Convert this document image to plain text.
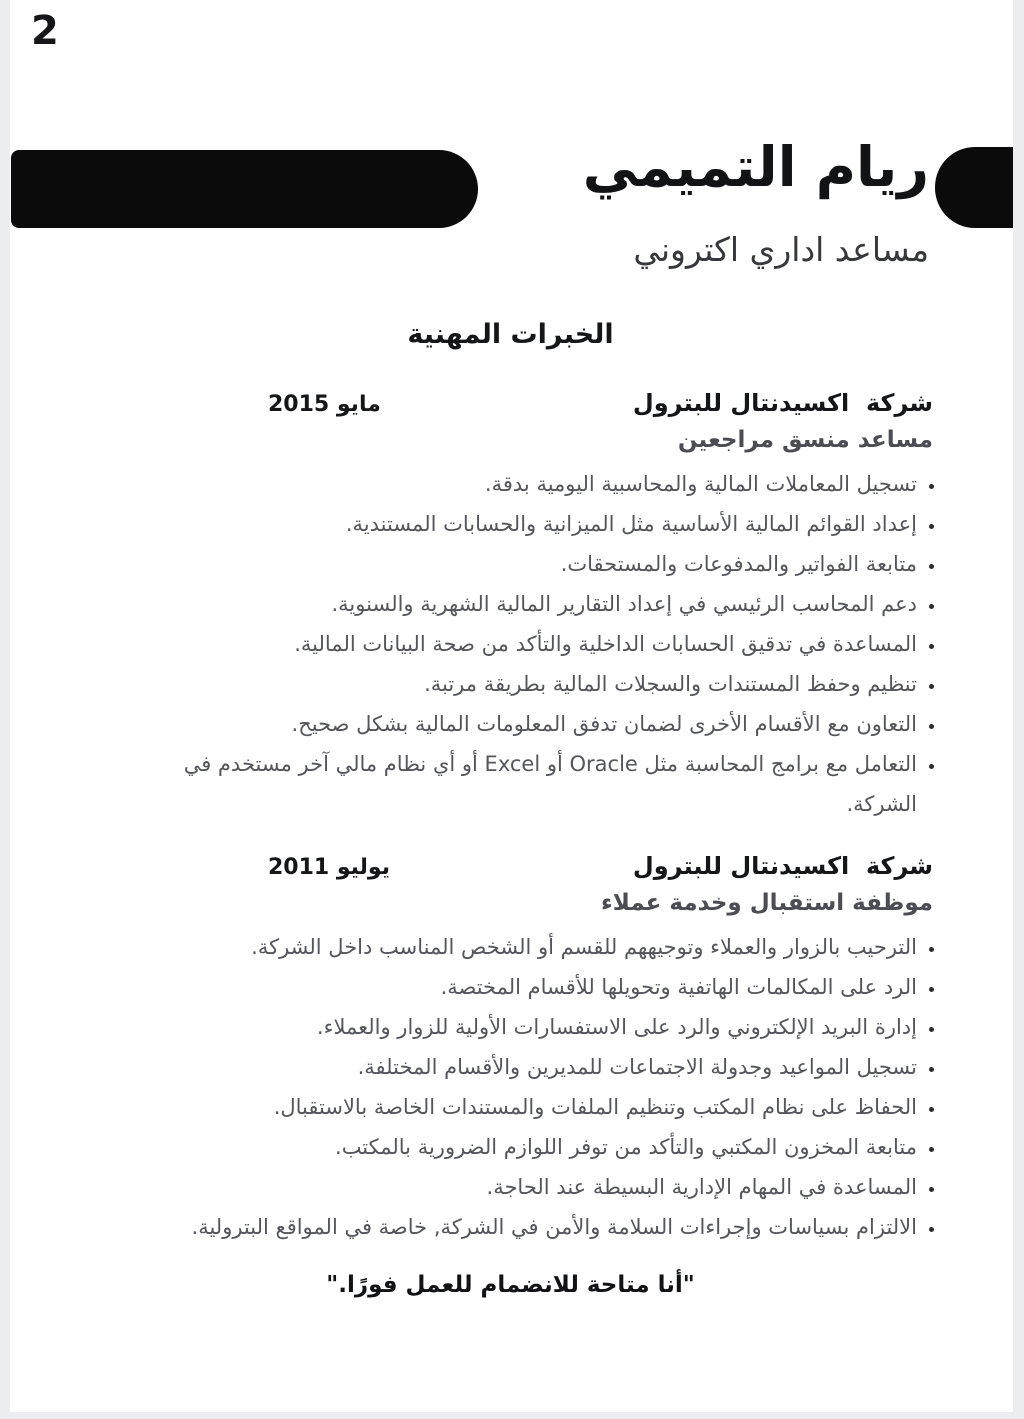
2
ريام التميمي
مساعد اداري اكتروني
الخبرات المهنية
شركة  اكسيدنتال للبترول
مايو 2015
مساعد منسق مراجعين
• تسجيل المعاملات المالية والمحاسبية اليومية بدقة.
• إعداد القوائم المالية الأساسية مثل الميزانية والحسابات المستندية.
• متابعة الفواتير والمدفوعات والمستحقات.
• دعم المحاسب الرئيسي في إعداد التقارير المالية الشهرية والسنوية.
• المساعدة في تدقيق الحسابات الداخلية والتأكد من صحة البيانات المالية.
• تنظيم وحفظ المستندات والسجلات المالية بطريقة مرتبة.
• التعاون مع الأقسام الأخرى لضمان تدفق المعلومات المالية بشكل صحيح.
• التعامل مع برامج المحاسبة مثل Oracle أو Excel أو أي نظام مالي آخر مستخدم في الشركة.
شركة  اكسيدنتال للبترول
يوليو 2011
موظفة استقبال وخدمة عملاء
• الترحيب بالزوار والعملاء وتوجيههم للقسم أو الشخص المناسب داخل الشركة.
• الرد على المكالمات الهاتفية وتحويلها للأقسام المختصة.
• إدارة البريد الإلكتروني والرد على الاستفسارات الأولية للزوار والعملاء.
• تسجيل المواعيد وجدولة الاجتماعات للمديرين والأقسام المختلفة.
• الحفاظ على نظام المكتب وتنظيم الملفات والمستندات الخاصة بالاستقبال.
• متابعة المخزون المكتبي والتأكد من توفر اللوازم الضرورية بالمكتب.
• المساعدة في المهام الإدارية البسيطة عند الحاجة.
• الالتزام بسياسات وإجراءات السلامة والأمن في الشركة, خاصة في المواقع البترولية.
"أنا متاحة للانضمام للعمل فورًا."
